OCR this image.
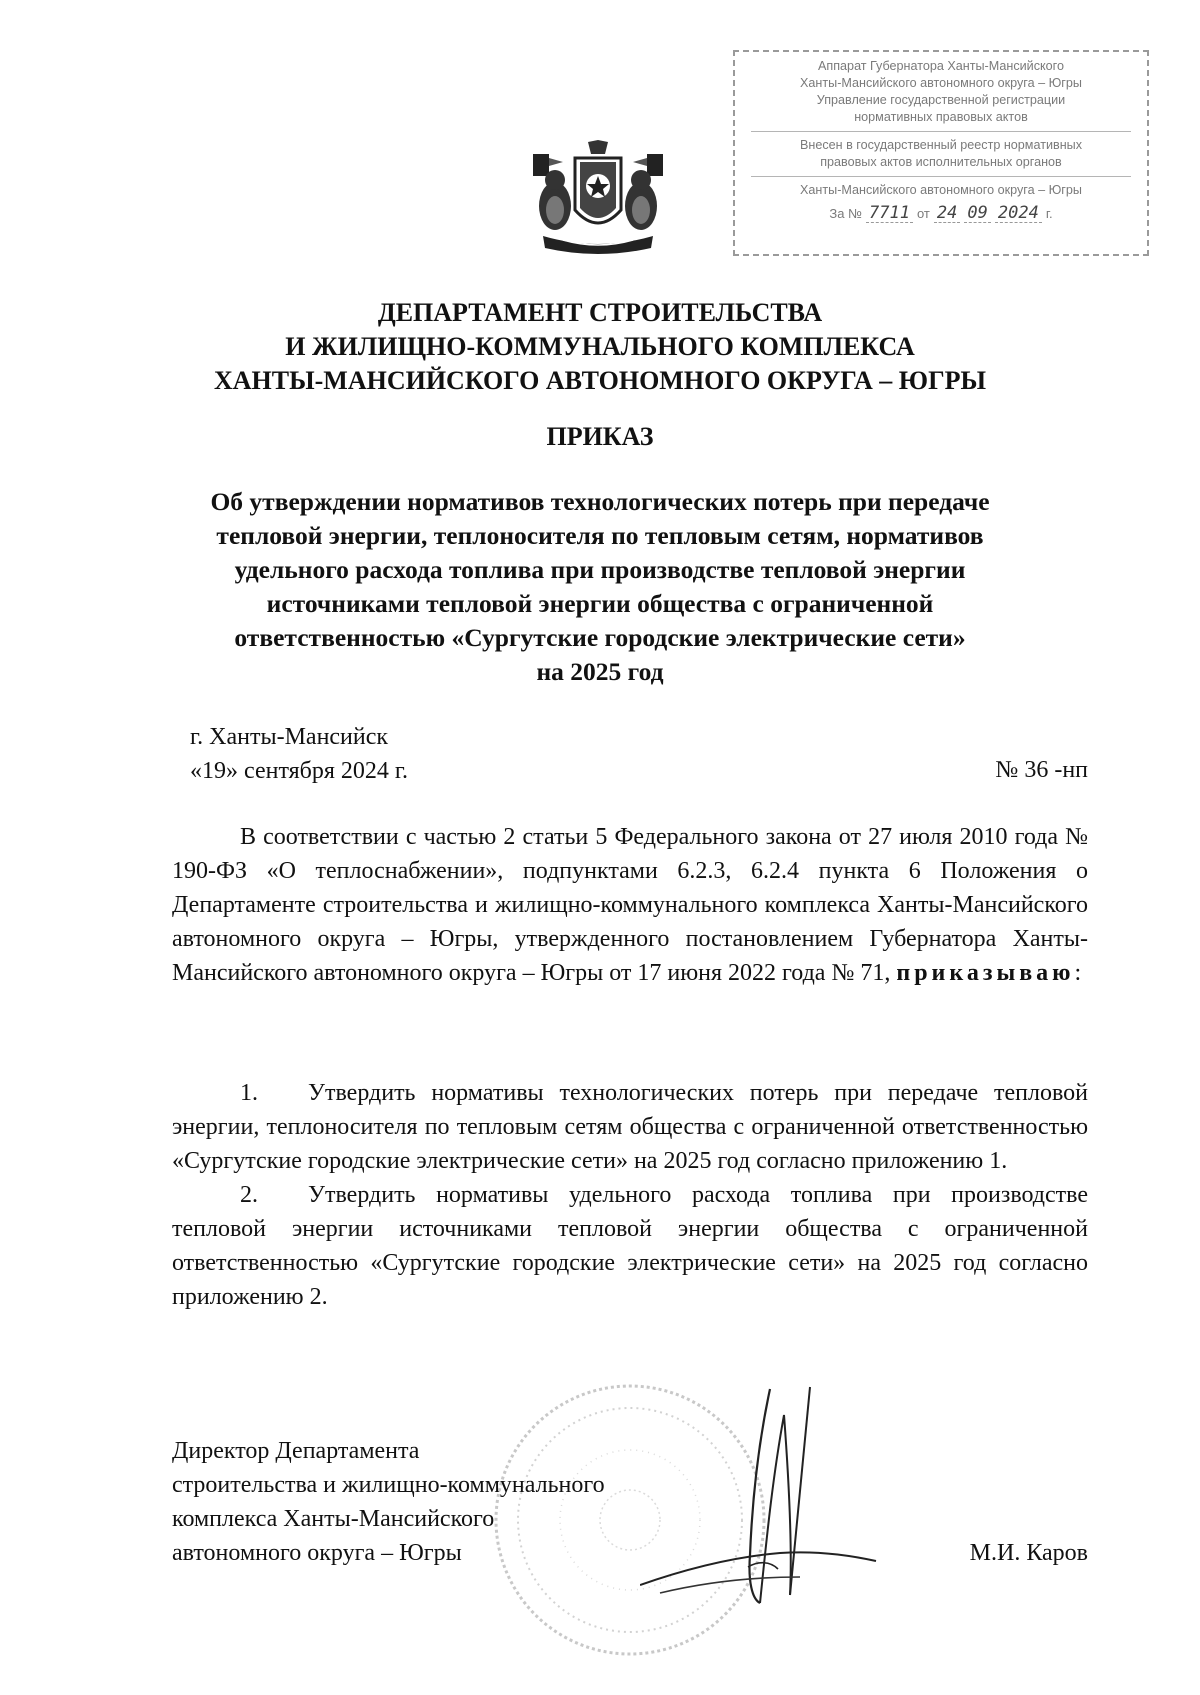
Аппарат Губернатора Ханты-Мансийского
Ханты-Мансийского автономного округа – Югры
Управление государственной регистрации
нормативных правовых актов
Внесен в государственный реестр нормативных
правовых актов исполнительных органов
Ханты-Мансийского автономного округа – Югры
За № 7711 от 24 09 2024 г.
ДЕПАРТАМЕНТ СТРОИТЕЛЬСТВА
И ЖИЛИЩНО-КОММУНАЛЬНОГО КОМПЛЕКСА
ХАНТЫ-МАНСИЙСКОГО АВТОНОМНОГО ОКРУГА – ЮГРЫ
ПРИКАЗ
Об утверждении нормативов технологических потерь при передаче
тепловой энергии, теплоносителя по тепловым сетям, нормативов
удельного расхода топлива при производстве тепловой энергии
источниками тепловой энергии общества с ограниченной
ответственностью «Сургутские городские электрические сети»
на 2025 год
г. Ханты-Мансийск
«19» сентября 2024 г.	№ 36 -нп
В соответствии с частью 2 статьи 5 Федерального закона от 27 июля 2010 года № 190-ФЗ «О теплоснабжении», подпунктами 6.2.3, 6.2.4 пункта 6 Положения о Департаменте строительства и жилищно-коммунального комплекса Ханты-Мансийского автономного округа – Югры, утвержденного постановлением Губернатора Ханты-Мансийского автономного округа – Югры от 17 июня 2022 года № 71, приказываю:

1. Утвердить нормативы технологических потерь при передаче тепловой энергии, теплоносителя по тепловым сетям общества с ограниченной ответственностью «Сургутские городские электрические сети» на 2025 год согласно приложению 1.

2. Утвердить нормативы удельного расхода топлива при производстве тепловой энергии источниками тепловой энергии общества с ограниченной ответственностью «Сургутские городские электрические сети» на 2025 год согласно приложению 2.

Директор Департамента
строительства и жилищно-коммунального
комплекса Ханты-Мансийского
автономного округа – Югры	М.И. Каров
